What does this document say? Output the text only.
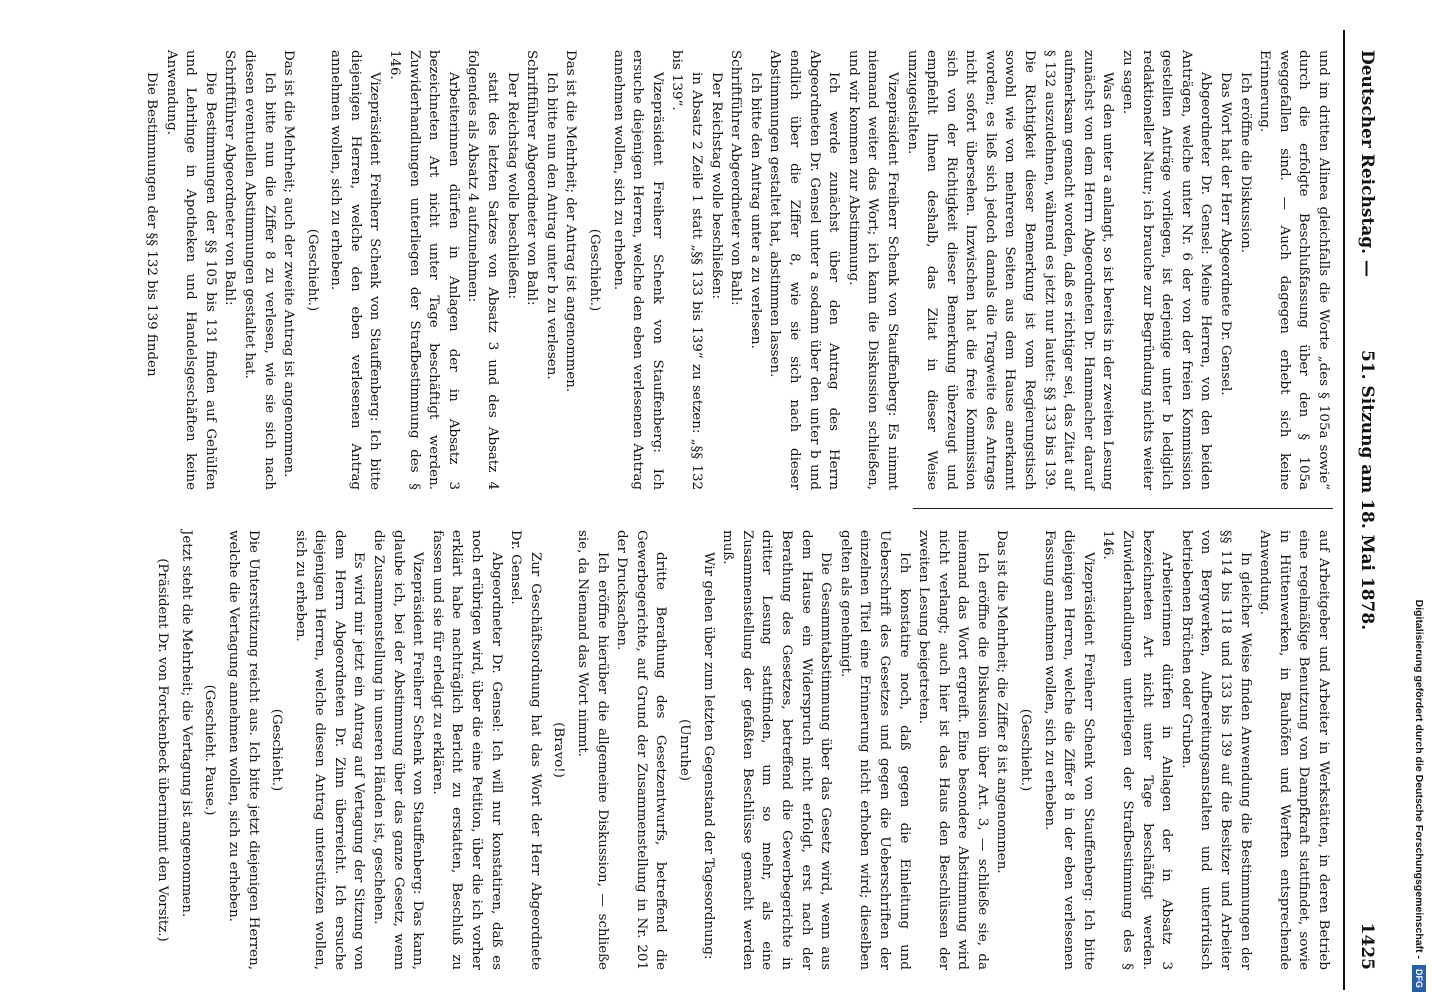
Deutscher Reichstag. —
51. Sitzung am 18. Mai 1878.
1425

und im dritten Alinea gleichfalls die Worte „des § 105a sowie“ durch die erfolgte Beschlußfassung über den § 105a weggefallen sind. — Auch dagegen erhebt sich keine Erinnerung.

Ich eröffne die Diskussion.

Das Wort hat der Herr Abgeordnete Dr. Gensel.

Abgeordneter Dr. Gensel: Meine Herren, von den beiden Anträgen, welche unter Nr. 6 der von der freien Kommission gestellten Anträge vorliegen, ist derjenige unter b lediglich redaktioneller Natur; ich brauche zur Begründung nichts weiter zu sagen.

Was den unter a anlangt, so ist bereits in der zweiten Lesung zunächst von dem Herrn Abgeordneten Dr. Hammacher darauf aufmerksam gemacht worden, daß es richtiger sei, das Zitat auf § 132 auszudehnen, während es jetzt nur lautet: §§ 133 bis 139. Die Richtigkeit dieser Bemerkung ist vom Regierungstisch sowohl wie von mehreren Seiten aus dem Hause anerkannt worden; es ließ sich jedoch damals die Tragweite des Antrags nicht sofort übersehen. Inzwischen hat die freie Kommission sich von der Richtigkeit dieser Bemerkung überzeugt und empfiehlt Ihnen deshalb, das Zitat in dieser Weise umzugestalten.

Vizepräsident Freiherr Schenk von Stauffenberg: Es nimmt niemand weiter das Wort; ich kann die Diskussion schließen, und wir kommen zur Abstimmung.

Ich werde zunächst über den Antrag des Herrn Abgeordneten Dr. Gensel unter a sodann über den unter b und endlich über die Ziffer 8, wie sie sich nach dieser Abstimmungen gestaltet hat, abstimmen lassen.

Ich bitte den Antrag unter a zu verlesen.

Schriftführer Abgeordneter von Bahl:

Der Reichstag wolle beschließen:

in Absatz 2 Zeile 1 statt „§§ 133 bis 139“ zu setzen: „§§ 132 bis 139“.

Vizepräsident Freiherr Schenk von Stauffenberg: Ich ersuche diejenigen Herren, welche den eben verlesenen Antrag annehmen wollen, sich zu erheben.

(Geschieht.)

Das ist die Mehrheit; der Antrag ist angenommen.

Ich bitte nun den Antrag unter b zu verlesen.

Schriftführer Abgeordneter von Bahl:

Der Reichstag wolle beschließen:

statt des letzten Satzes von Absatz 3 und des Absatz 4 folgendes als Absatz 4 aufzunehmen:

Arbeiterinnen dürfen in Anlagen der in Absatz 3 bezeichneten Art nicht unter Tage beschäftigt werden. Zuwiderhandlungen unterliegen der Strafbestimmung des § 146.

Vizepräsident Freiherr Schenk von Stauffenberg: Ich bitte diejenigen Herren, welche den eben verlesenen Antrag annehmen wollen, sich zu erheben.

(Geschieht.)

Das ist die Mehrheit; auch der zweite Antrag ist angenommen.

Ich bitte nun die Ziffer 8 zu verlesen, wie sie sich nach diesen eventuellen Abstimmungen gestaltet hat.

Schriftführer Abgeordneter von Bahl:

Die Bestimmungen der §§ 105 bis 131 finden auf Gehülfen und Lehrlinge in Apotheken und Handelsgeschäften keine Anwendung.

Die Bestimmungen der §§ 132 bis 139 finden

auf Arbeitgeber und Arbeiter in Werkstätten, in deren Betrieb eine regelmäßige Benutzung von Dampfkraft stattfindet, sowie in Hüttenwerken, in Bauhöfen und Werften entsprechende Anwendung.

In gleicher Weise finden Anwendung die Bestimmungen der §§ 114 bis 118 und 133 bis 139 auf die Besitzer und Arbeiter von Bergwerken, Aufbereitungsanstalten und unterirdisch betriebenen Brüchen oder Gruben.

Arbeiterinnen dürfen in Anlagen der in Absatz 3 bezeichneten Art nicht unter Tage beschäftigt werden. Zuwiderhandlungen unterliegen der Strafbestimmung des § 146.

Vizepräsident Freiherr Schenk von Stauffenberg: Ich bitte diejenigen Herren, welche die Ziffer 8 in der eben verlesenen Fassung annehmen wollen, sich zu erheben.

(Geschieht.)

Das ist die Mehrheit; die Ziffer 8 ist angenommen.

Ich eröffne die Diskussion über Art. 3, — schließe sie, da niemand das Wort ergreift. Eine besondere Abstimmung wird nicht verlangt; auch hier ist das Haus den Beschlüssen der zweiten Lesung beigetreten.

Ich konstatire noch, daß gegen die Einleitung und Ueberschrift des Gesetzes und gegen die Ueberschriften der einzelnen Titel eine Erinnerung nicht erhoben wird; dieselben gelten als genehmigt.

Die Gesammtabstimmung über das Gesetz wird, wenn aus dem Hause ein Widerspruch nicht erfolgt, erst nach der Berathung des Gesetzes, betreffend die Gewerbegerichte in dritter Lesung stattfinden, um so mehr, als eine Zusammenstellung der gefaßten Beschlüsse gemacht werden muß.

Wir gehen über zum letzten Gegenstand der Tagesordnung:

(Unruhe)

dritte Berathung des Gesetzentwurfs, betreffend die Gewerbegerichte, auf Grund der Zusammenstellung in Nr. 201 der Drucksachen.

Ich eröffne hierüber die allgemeine Diskussion, — schließe sie, da Niemand das Wort nimmt.

(Bravo!)

Zur Geschäftsordnung hat das Wort der Herr Abgeordnete Dr. Gensel.

Abgeordneter Dr. Gensel: Ich will nur konstatiren, daß es noch erübrigen wird, über die eine Petition, über die ich vorher erklärt habe nachträglich Bericht zu erstatten, Beschluß zu fassen und sie für erledigt zu erklären.

Vizepräsident Freiherr Schenk von Stauffenberg: Das kann, glaube ich, bei der Abstimmung über das ganze Gesetz, wenn die Zusammenstellung in unseren Händen ist, geschehen.

Es wird mir jetzt ein Antrag auf Vertagung der Sitzung von dem Herrn Abgeordneten Dr. Zinn überreicht. Ich ersuche diejenigen Herren, welche diesen Antrag unterstützen wollen, sich zu erheben.

(Geschieht.)

Die Unterstützung reicht aus. Ich bitte jetzt diejenigen Herren, welche die Vertagung annehmen wollen, sich zu erheben.

(Geschieht. Pause.)

Jetzt steht die Mehrheit; die Vertagung ist angenommen.

(Präsident Dr. von Forckenbeck übernimmt den Vorsitz.)	Digitalisierung gefördert durch die Deutsche Forschungsgemeinschaft -DFG
